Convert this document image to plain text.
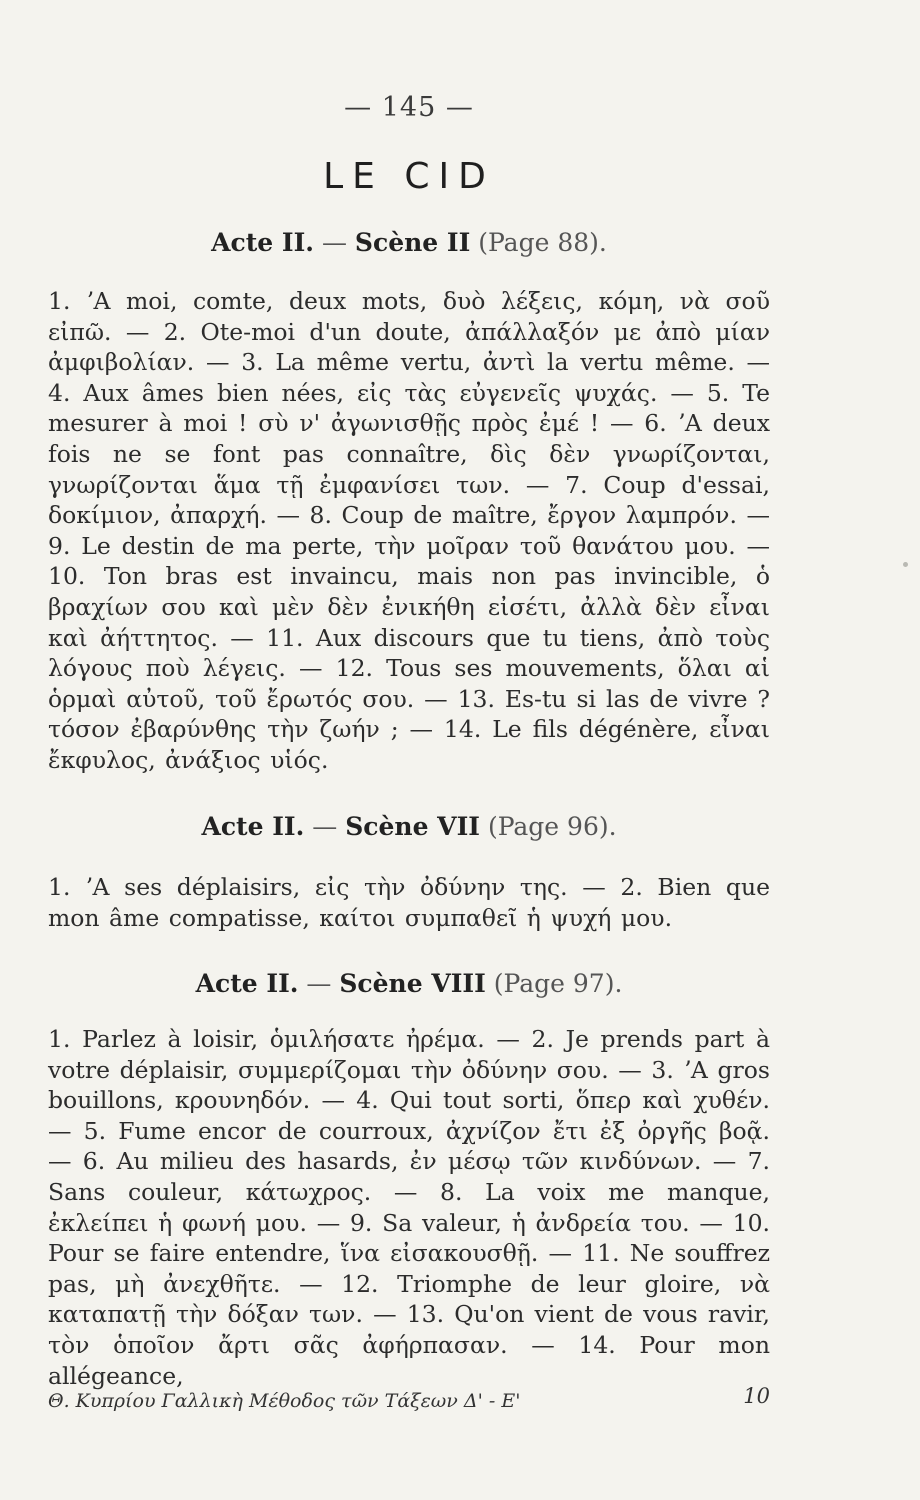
— 145 —
LE CID
Acte II. — Scène II (Page 88).
1. ʼΑ moi, comte, deux mots, δυὸ λέξεις, κόμη, νὰ σοῦ εἰπῶ. — 2. Ote-moi d'un doute, ἀπάλλαξόν με ἀπὸ μίαν ἀμφιβολίαν. — 3. La même vertu, ἀντὶ la vertu même. — 4. Aux âmes bien nées, εἰς τὰς εὐγενεῖς ψυχάς. — 5. Te mesurer à moi ! σὺ ν' ἀγωνισθῇς πρὸς ἐμέ ! — 6. ʼΑ deux fois ne se font pas connaître, δὶς δὲν γνωρίζονται, γνωρίζονται ἅμα τῇ ἐμφανίσει των. — 7. Coup d'essai, δοκίμιον, ἀπαρχή. — 8. Coup de maître, ἔργον λαμπρόν. — 9. Le destin de ma perte, τὴν μοῖραν τοῦ θανάτου μου. — 10. Ton bras est invaincu, mais non pas invincible, ὁ βραχίων σου καὶ μὲν δὲν ἐνικήθη εἰσέτι, ἀλλὰ δὲν εἶναι καὶ ἀήττητος. — 11. Aux discours que tu tiens, ἀπὸ τοὺς λόγους ποὺ λέγεις. — 12. Tous ses mouvements, ὅλαι αἱ ὁρμαὶ αὐτοῦ, τοῦ ἔρωτός σου. — 13. Es-tu si las de vivre ? τόσον ἐβαρύνθης τὴν ζωήν ; — 14. Le fils dégénère, εἶναι ἔκφυλος, ἀνάξιος υἱός.
Acte II. — Scène VII (Page 96).
1. ʼΑ ses déplaisirs, εἰς τὴν ὀδύνην της. — 2. Bien que mon âme compatisse, καίτοι συμπαθεῖ ἡ ψυχή μου.
Acte II. — Scène VIII (Page 97).
1. Parlez à loisir, ὁμιλήσατε ἠρέμα. — 2. Je prends part à votre déplaisir, συμμερίζομαι τὴν ὀδύνην σου. — 3. ʼΑ gros bouillons, κρουνηδόν. — 4. Qui tout sorti, ὅπερ καὶ χυθέν. — 5. Fume encor de courroux, ἀχνίζον ἔτι ἐξ ὀργῆς βοᾷ. — 6. Au milieu des hasards, ἐν μέσῳ τῶν κινδύνων. — 7. Sans couleur, κάτωχρος. — 8. La voix me manque, ἐκλείπει ἡ φωνή μου. — 9. Sa valeur, ἡ ἀνδρεία του. — 10. Pour se faire entendre, ἵνα εἰσακουσθῇ. — 11. Ne souffrez pas, μὴ ἀνεχθῆτε. — 12. Triomphe de leur gloire, νὰ καταπατῇ τὴν δόξαν των. — 13. Qu'on vient de vous ravir, τὸν ὁποῖον ἄρτι σᾶς ἀφήρπασαν. — 14. Pour mon allégeance,
Θ. Κυπρίου Γαλλικὴ Μέθοδος τῶν Τάξεων Δ' - Ε'	10
